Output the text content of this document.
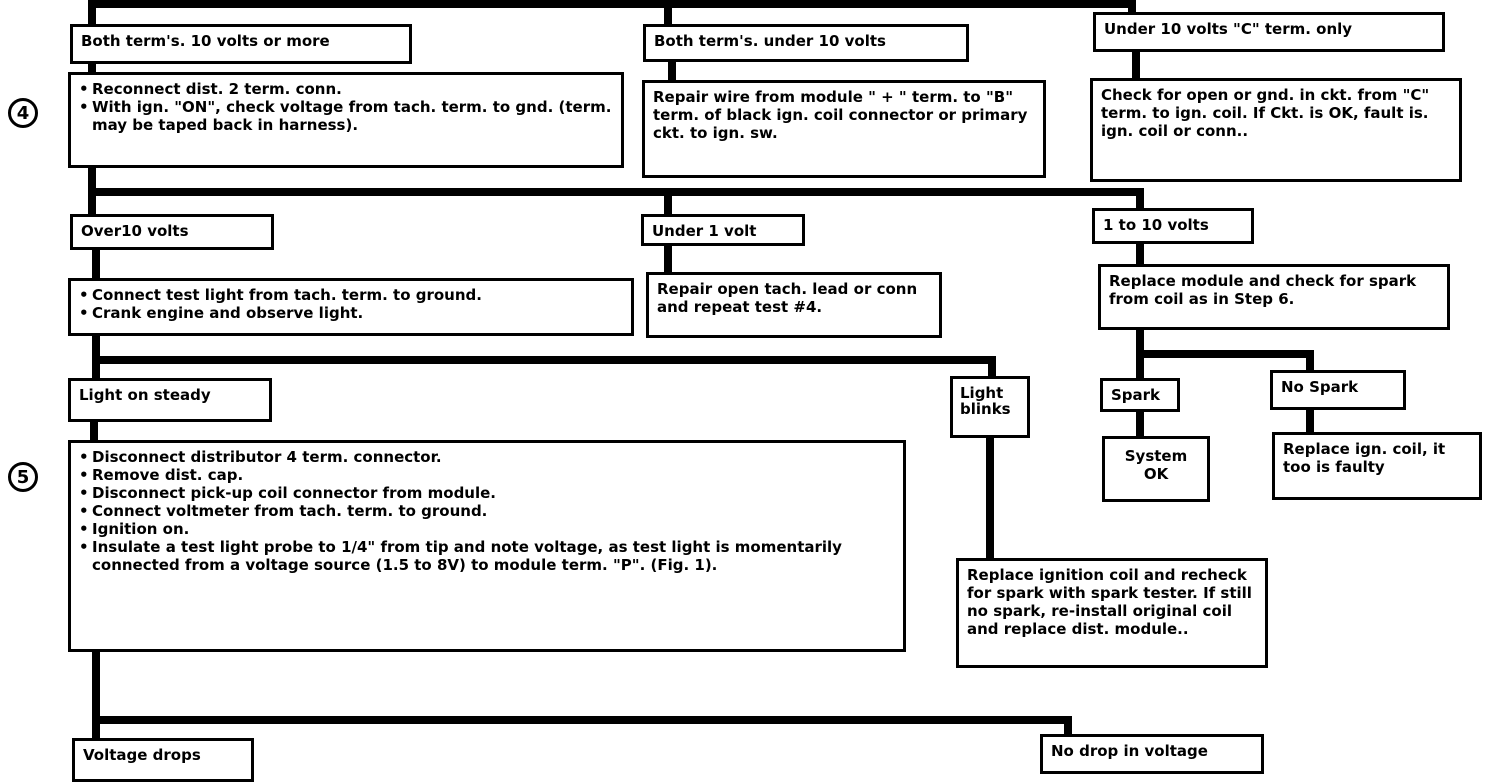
4
5
Both term's. 10 volts or more	Both term's. under 10 volts
Under 10 volts "C" term. only
• Reconnect dist. 2 term. conn.
• With ign. "ON", check voltage from tach. term. to gnd. (term. may be taped back in harness).
Repair wire from module " + " term. to "B" term. of black ign. coil connector or primary ckt. to ign. sw.
Check for open or gnd. in ckt. from "C" term. to ign. coil. If Ckt. is OK, fault is. ign. coil or conn..
Over10 volts	Under 1 volt	1 to 10 volts
• Connect test light from tach. term. to ground.
• Crank engine and observe light.
Repair open tach. lead or conn and repeat test #4.
Replace module and check for spark from coil as in Step 6.
Light on steady	Light blinks
Spark	No Spark
System OK
Replace ign. coil, it too is faulty
• Disconnect distributor 4 term. connector.
• Remove dist. cap.
• Disconnect pick-up coil connector from module.
• Connect voltmeter from tach. term. to ground.
• Ignition on.
• Insulate a test light probe to 1/4" from tip and note voltage, as test light is momentarily connected from a voltage source (1.5 to 8V) to module term. "P". (Fig. 1).
Replace ignition coil and recheck for spark with spark tester. If still no spark, re-install original coil and replace dist. module..
Voltage drops	No drop in voltage
